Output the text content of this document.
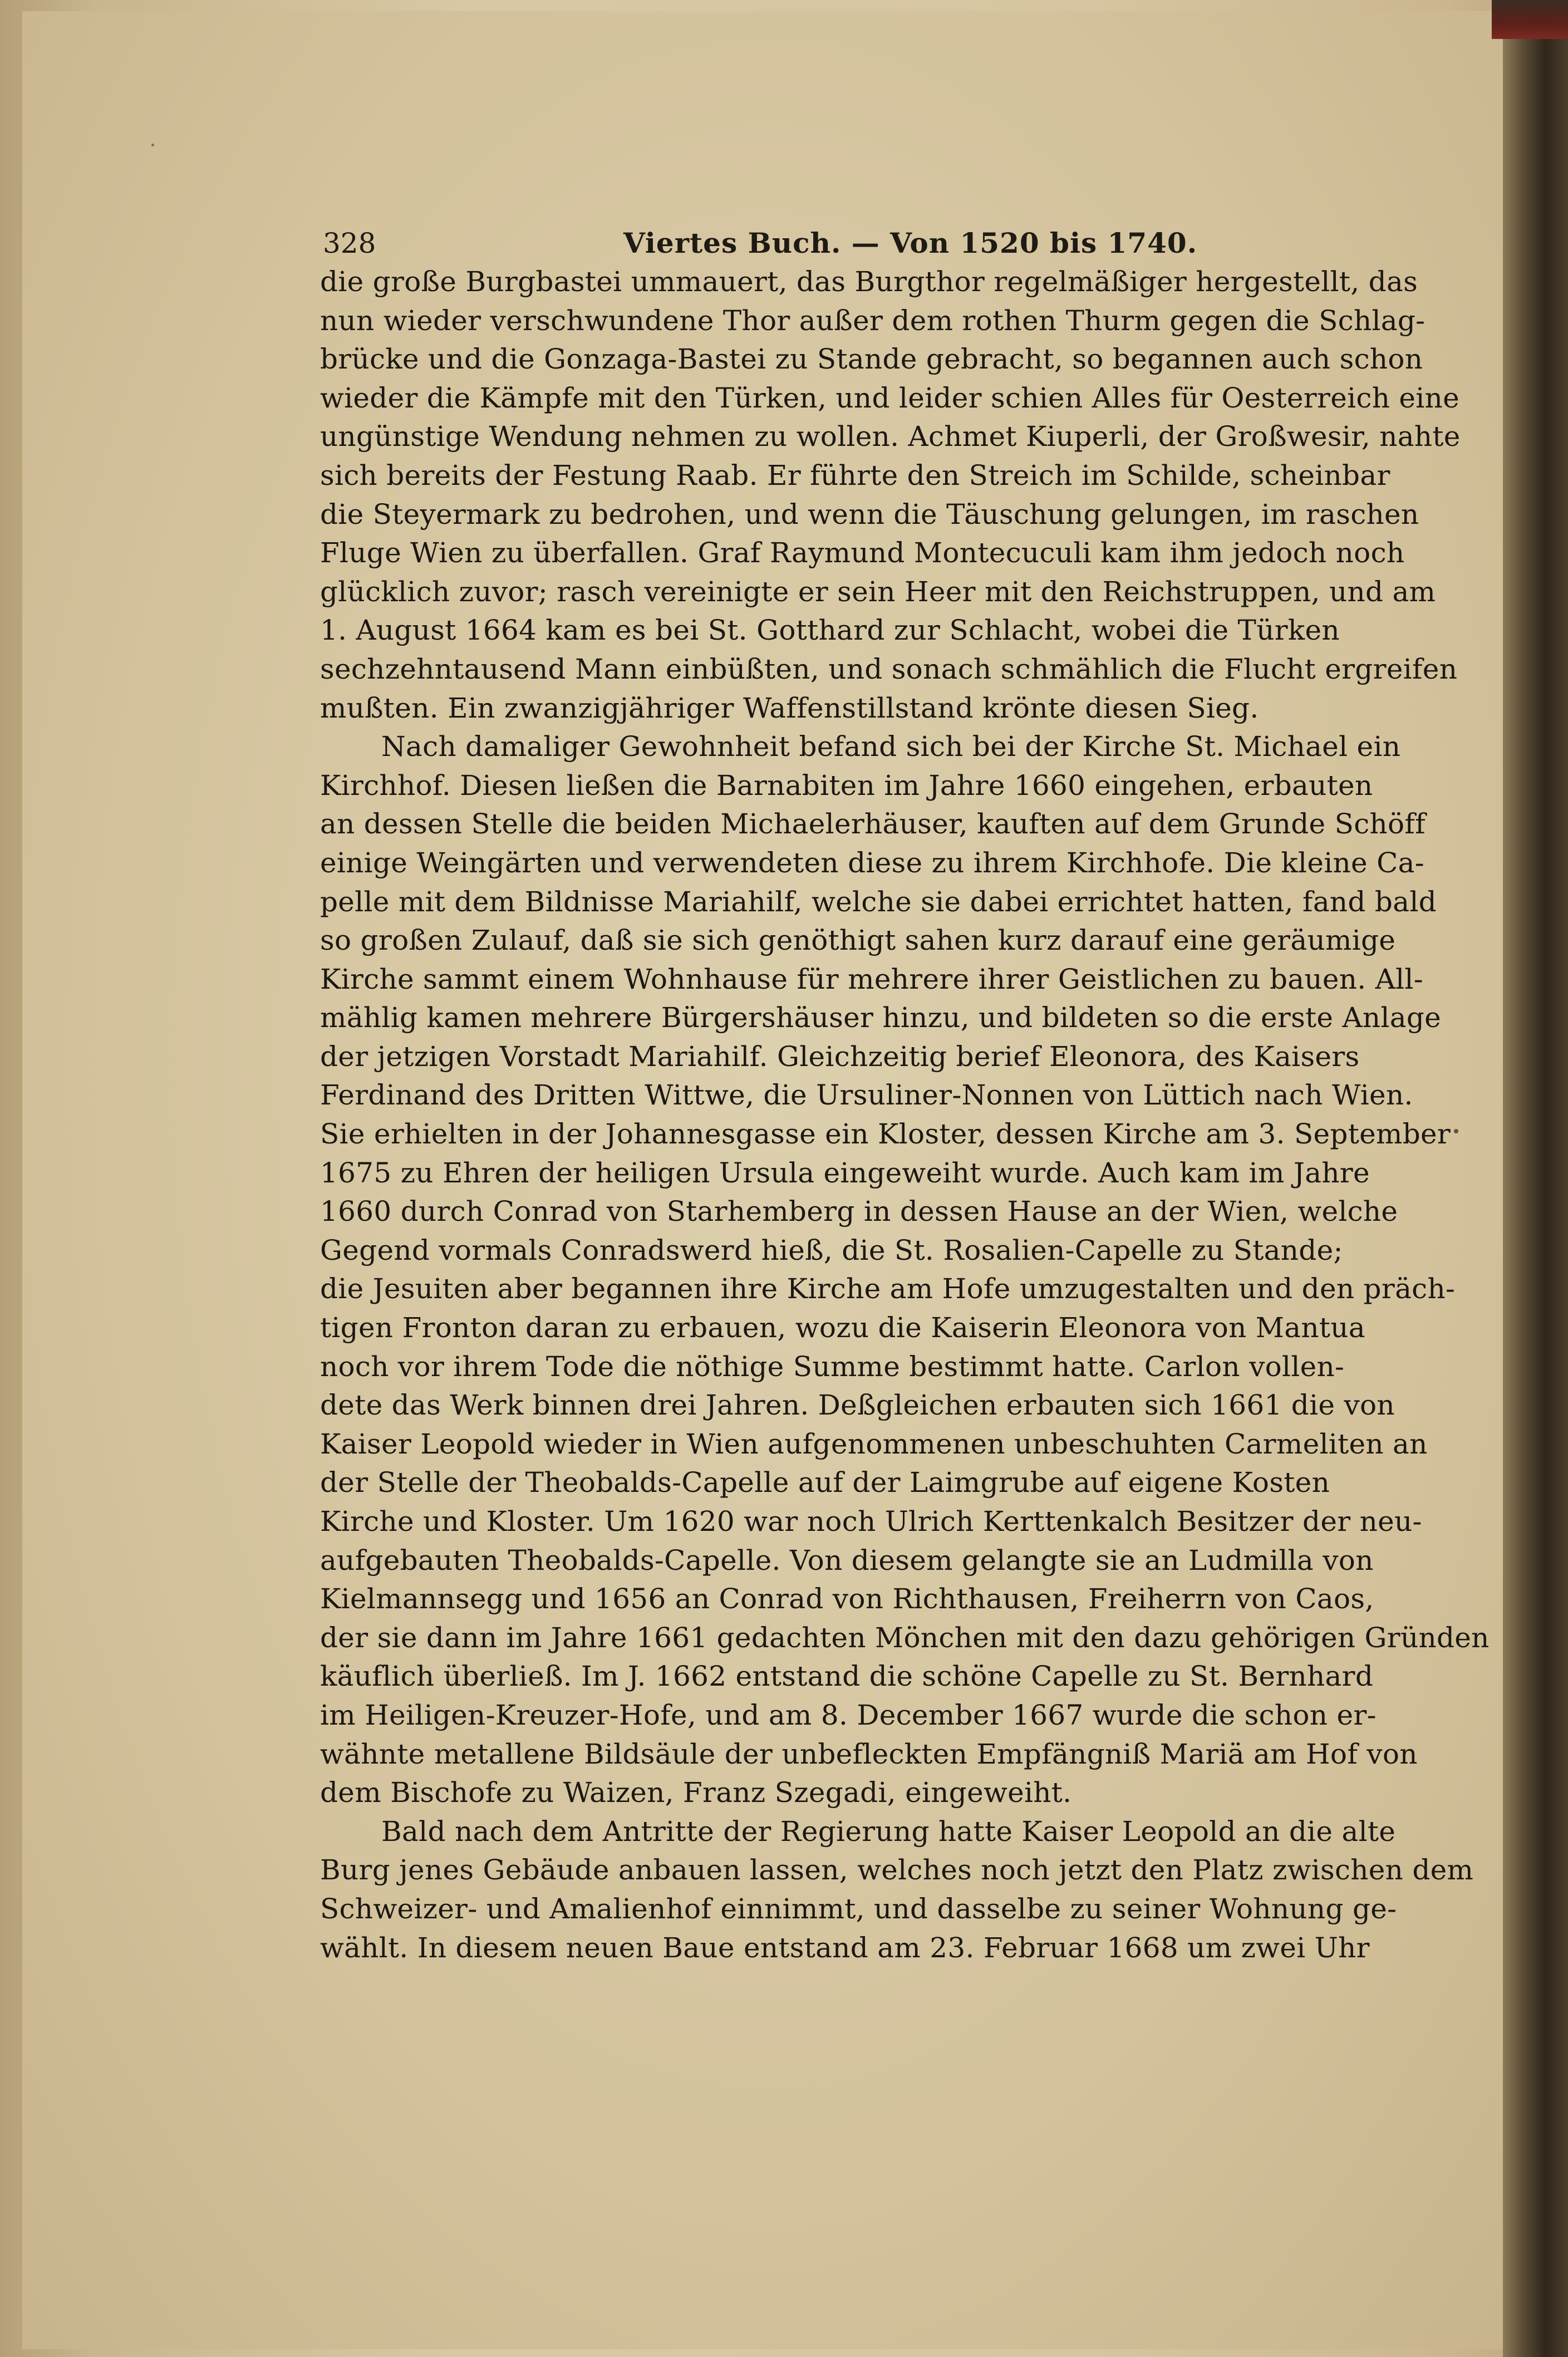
328	Viertes Buch. — Von 1520 bis 1740.
die große Burgbastei ummauert, das Burgthor regelmäßiger hergestellt, das
nun wieder verschwundene Thor außer dem rothen Thurm gegen die Schlag-
brücke und die Gonzaga-Bastei zu Stande gebracht, so begannen auch schon
wieder die Kämpfe mit den Türken, und leider schien Alles für Oesterreich eine
ungünstige Wendung nehmen zu wollen. Achmet Kiuperli, der Großwesir, nahte
sich bereits der Festung Raab. Er führte den Streich im Schilde, scheinbar
die Steyermark zu bedrohen, und wenn die Täuschung gelungen, im raschen
Fluge Wien zu überfallen. Graf Raymund Montecuculi kam ihm jedoch noch
glücklich zuvor; rasch vereinigte er sein Heer mit den Reichstruppen, und am
1. August 1664 kam es bei St. Gotthard zur Schlacht, wobei die Türken
sechzehntausend Mann einbüßten, und sonach schmählich die Flucht ergreifen
mußten. Ein zwanzigjähriger Waffenstillstand krönte diesen Sieg.
Nach damaliger Gewohnheit befand sich bei der Kirche St. Michael ein
Kirchhof. Diesen ließen die Barnabiten im Jahre 1660 eingehen, erbauten
an dessen Stelle die beiden Michaelerhäuser, kauften auf dem Grunde Schöff
einige Weingärten und verwendeten diese zu ihrem Kirchhofe. Die kleine Ca-
pelle mit dem Bildnisse Mariahilf, welche sie dabei errichtet hatten, fand bald
so großen Zulauf, daß sie sich genöthigt sahen kurz darauf eine geräumige
Kirche sammt einem Wohnhause für mehrere ihrer Geistlichen zu bauen. All-
mählig kamen mehrere Bürgershäuser hinzu, und bildeten so die erste Anlage
der jetzigen Vorstadt Mariahilf. Gleichzeitig berief Eleonora, des Kaisers
Ferdinand des Dritten Wittwe, die Ursuliner-Nonnen von Lüttich nach Wien.
Sie erhielten in der Johannesgasse ein Kloster, dessen Kirche am 3. September
1675 zu Ehren der heiligen Ursula eingeweiht wurde. Auch kam im Jahre
1660 durch Conrad von Starhemberg in dessen Hause an der Wien, welche
Gegend vormals Conradswerd hieß, die St. Rosalien-Capelle zu Stande;
die Jesuiten aber begannen ihre Kirche am Hofe umzugestalten und den präch-
tigen Fronton daran zu erbauen, wozu die Kaiserin Eleonora von Mantua
noch vor ihrem Tode die nöthige Summe bestimmt hatte. Carlon vollen-
dete das Werk binnen drei Jahren. Deßgleichen erbauten sich 1661 die von
Kaiser Leopold wieder in Wien aufgenommenen unbeschuhten Carmeliten an
der Stelle der Theobalds-Capelle auf der Laimgrube auf eigene Kosten
Kirche und Kloster. Um 1620 war noch Ulrich Kerttenkalch Besitzer der neu-
aufgebauten Theobalds-Capelle. Von diesem gelangte sie an Ludmilla von
Kielmannsegg und 1656 an Conrad von Richthausen, Freiherrn von Caos,
der sie dann im Jahre 1661 gedachten Mönchen mit den dazu gehörigen Gründen
käuflich überließ. Im J. 1662 entstand die schöne Capelle zu St. Bernhard
im Heiligen-Kreuzer-Hofe, und am 8. December 1667 wurde die schon er-
wähnte metallene Bildsäule der unbefleckten Empfängniß Mariä am Hof von
dem Bischofe zu Waizen, Franz Szegadi, eingeweiht.
Bald nach dem Antritte der Regierung hatte Kaiser Leopold an die alte
Burg jenes Gebäude anbauen lassen, welches noch jetzt den Platz zwischen dem
Schweizer- und Amalienhof einnimmt, und dasselbe zu seiner Wohnung ge-
wählt. In diesem neuen Baue entstand am 23. Februar 1668 um zwei Uhr
